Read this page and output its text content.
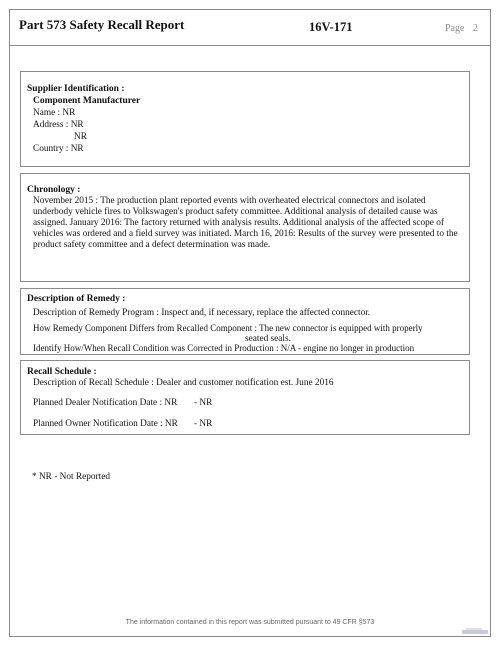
Part 573 Safety Recall Report	16V-171	Page 2
Supplier Identification :
Component Manufacturer
Name : NR
Address : NR
NR
Country : NR
Chronology :
November 2015 : The production plant reported events with overheated electrical connectors and isolated underbody vehicle fires to Volkswagen's product safety committee. Additional analysis of detailed cause was assigned. January 2016: The factory returned with analysis results. Additional analysis of the affected scope of vehicles was ordered and a field survey was initiated. March 16, 2016: Results of the survey were presented to the product safety committee and a defect determination was made.
Description of Remedy :
Description of Remedy Program : Inspect and, if necessary, replace the affected connector.
How Remedy Component Differs from Recalled Component : The new connector is equipped with properly
seated seals.
Identify How/When Recall Condition was Corrected in Production : N/A - engine no longer in production
Recall Schedule :
Description of Recall Schedule : Dealer and customer notification est. June 2016
Planned Dealer Notification Date : NR - NR
Planned Owner Notification Date : NR - NR
* NR - Not Reported
The information contained in this report was submitted pursuant to 49 CFR §573
